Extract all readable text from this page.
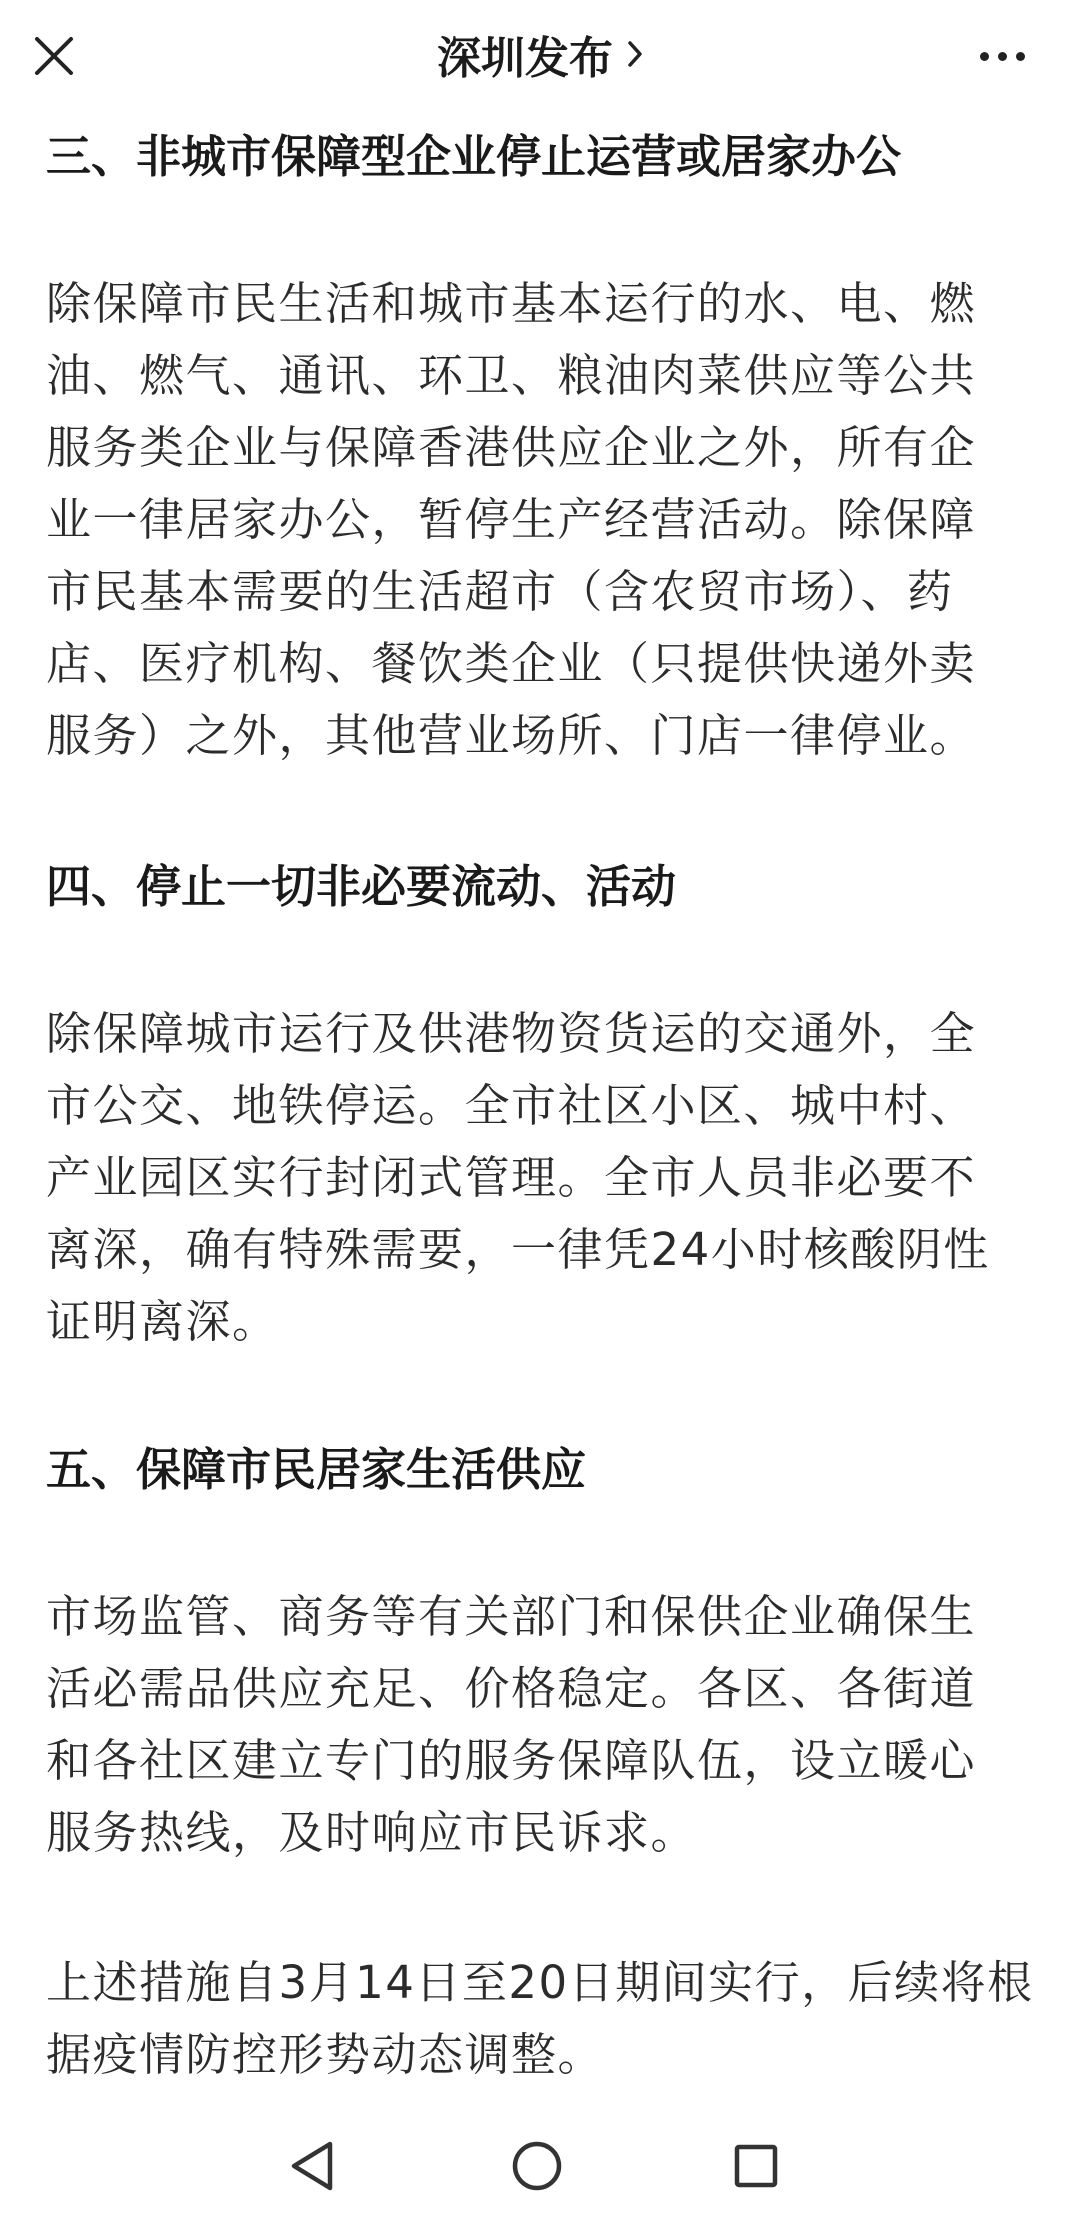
深圳发布
三、非城市保障型企业停止运营或居家办公
除保障市民生活和城市基本运行的水、电、燃
油、燃气、通讯、环卫、粮油肉菜供应等公共
服务类企业与保障香港供应企业之外，所有企
业一律居家办公，暂停生产经营活动。除保障
市民基本需要的生活超市（含农贸市场）、药
店、医疗机构、餐饮类企业（只提供快递外卖
服务）之外，其他营业场所、门店一律停业。
四、停止一切非必要流动、活动
除保障城市运行及供港物资货运的交通外，全
市公交、地铁停运。全市社区小区、城中村、
产业园区实行封闭式管理。全市人员非必要不
离深，确有特殊需要，一律凭24小时核酸阴性
证明离深。
五、保障市民居家生活供应
市场监管、商务等有关部门和保供企业确保生
活必需品供应充足、价格稳定。各区、各街道
和各社区建立专门的服务保障队伍，设立暖心
服务热线，及时响应市民诉求。
上述措施自3月14日至20日期间实行，后续将根
据疫情防控形势动态调整。
